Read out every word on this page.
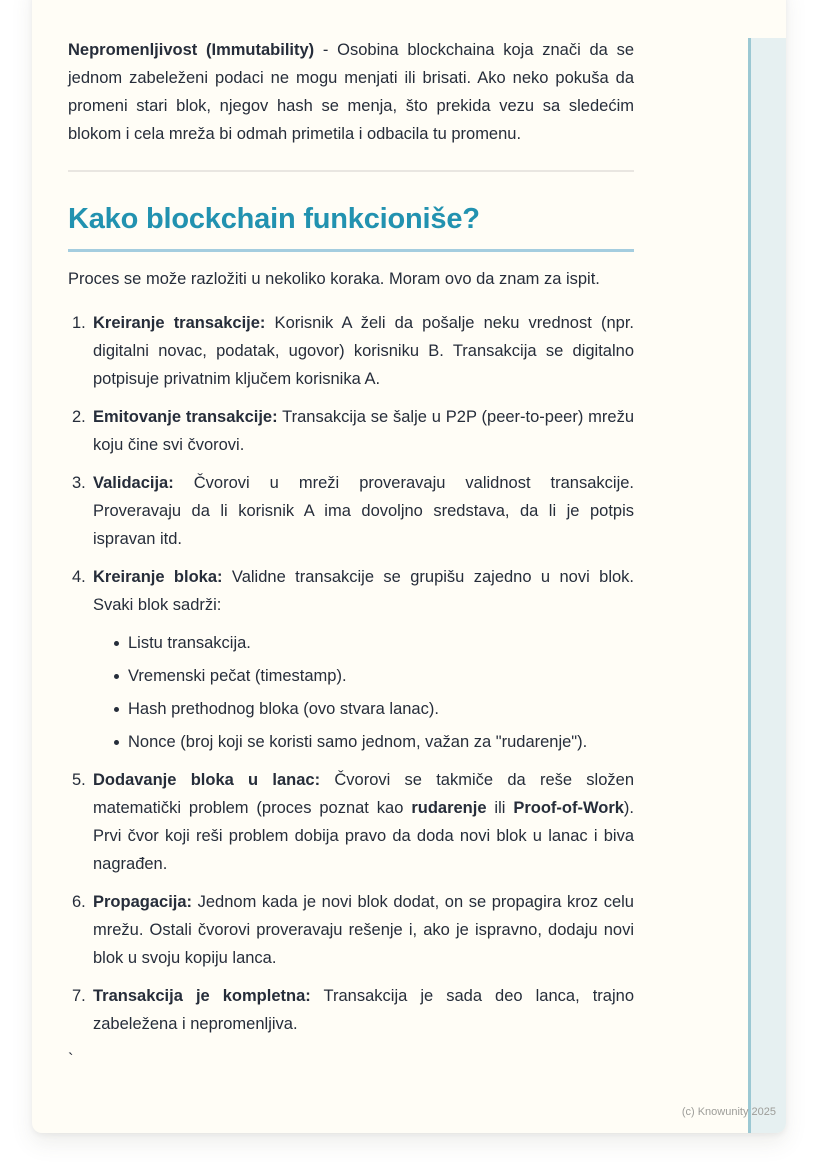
Nepromenljivost (Immutability) - Osobina blockchaina koja znači da se jednom zabeleženi podaci ne mogu menjati ili brisati. Ako neko pokuša da promeni stari blok, njegov hash se menja, što prekida vezu sa sledećim blokom i cela mreža bi odmah primetila i odbacila tu promenu.

Kako blockchain funkcioniše?

Proces se može razložiti u nekoliko koraka. Moram ovo da znam za ispit.

1. Kreiranje transakcije: Korisnik A želi da pošalje neku vrednost (npr. digitalni novac, podatak, ugovor) korisniku B. Transakcija se digitalno potpisuje privatnim ključem korisnika A.
2. Emitovanje transakcije: Transakcija se šalje u P2P (peer-to-peer) mrežu koju čine svi čvorovi.
3. Validacija: Čvorovi u mreži proveravaju validnost transakcije. Proveravaju da li korisnik A ima dovoljno sredstava, da li je potpis ispravan itd.
4. Kreiranje bloka: Validne transakcije se grupišu zajedno u novi blok. Svaki blok sadrži:
Listu transakcija.
Vremenski pečat (timestamp).
Hash prethodnog bloka (ovo stvara lanac).
Nonce (broj koji se koristi samo jednom, važan za "rudarenje").
5. Dodavanje bloka u lanac: Čvorovi se takmiče da reše složen matematički problem (proces poznat kao rudarenje ili Proof-of-Work). Prvi čvor koji reši problem dobija pravo da doda novi blok u lanac i biva nagrađen.
6. Propagacija: Jednom kada je novi blok dodat, on se propagira kroz celu mrežu. Ostali čvorovi proveravaju rešenje i, ako je ispravno, dodaju novi blok u svoju kopiju lanca.
7. Transakcija je kompletna: Transakcija je sada deo lanca, trajno zabeležena i nepromenljiva.

`

(c) Knowunity 2025
